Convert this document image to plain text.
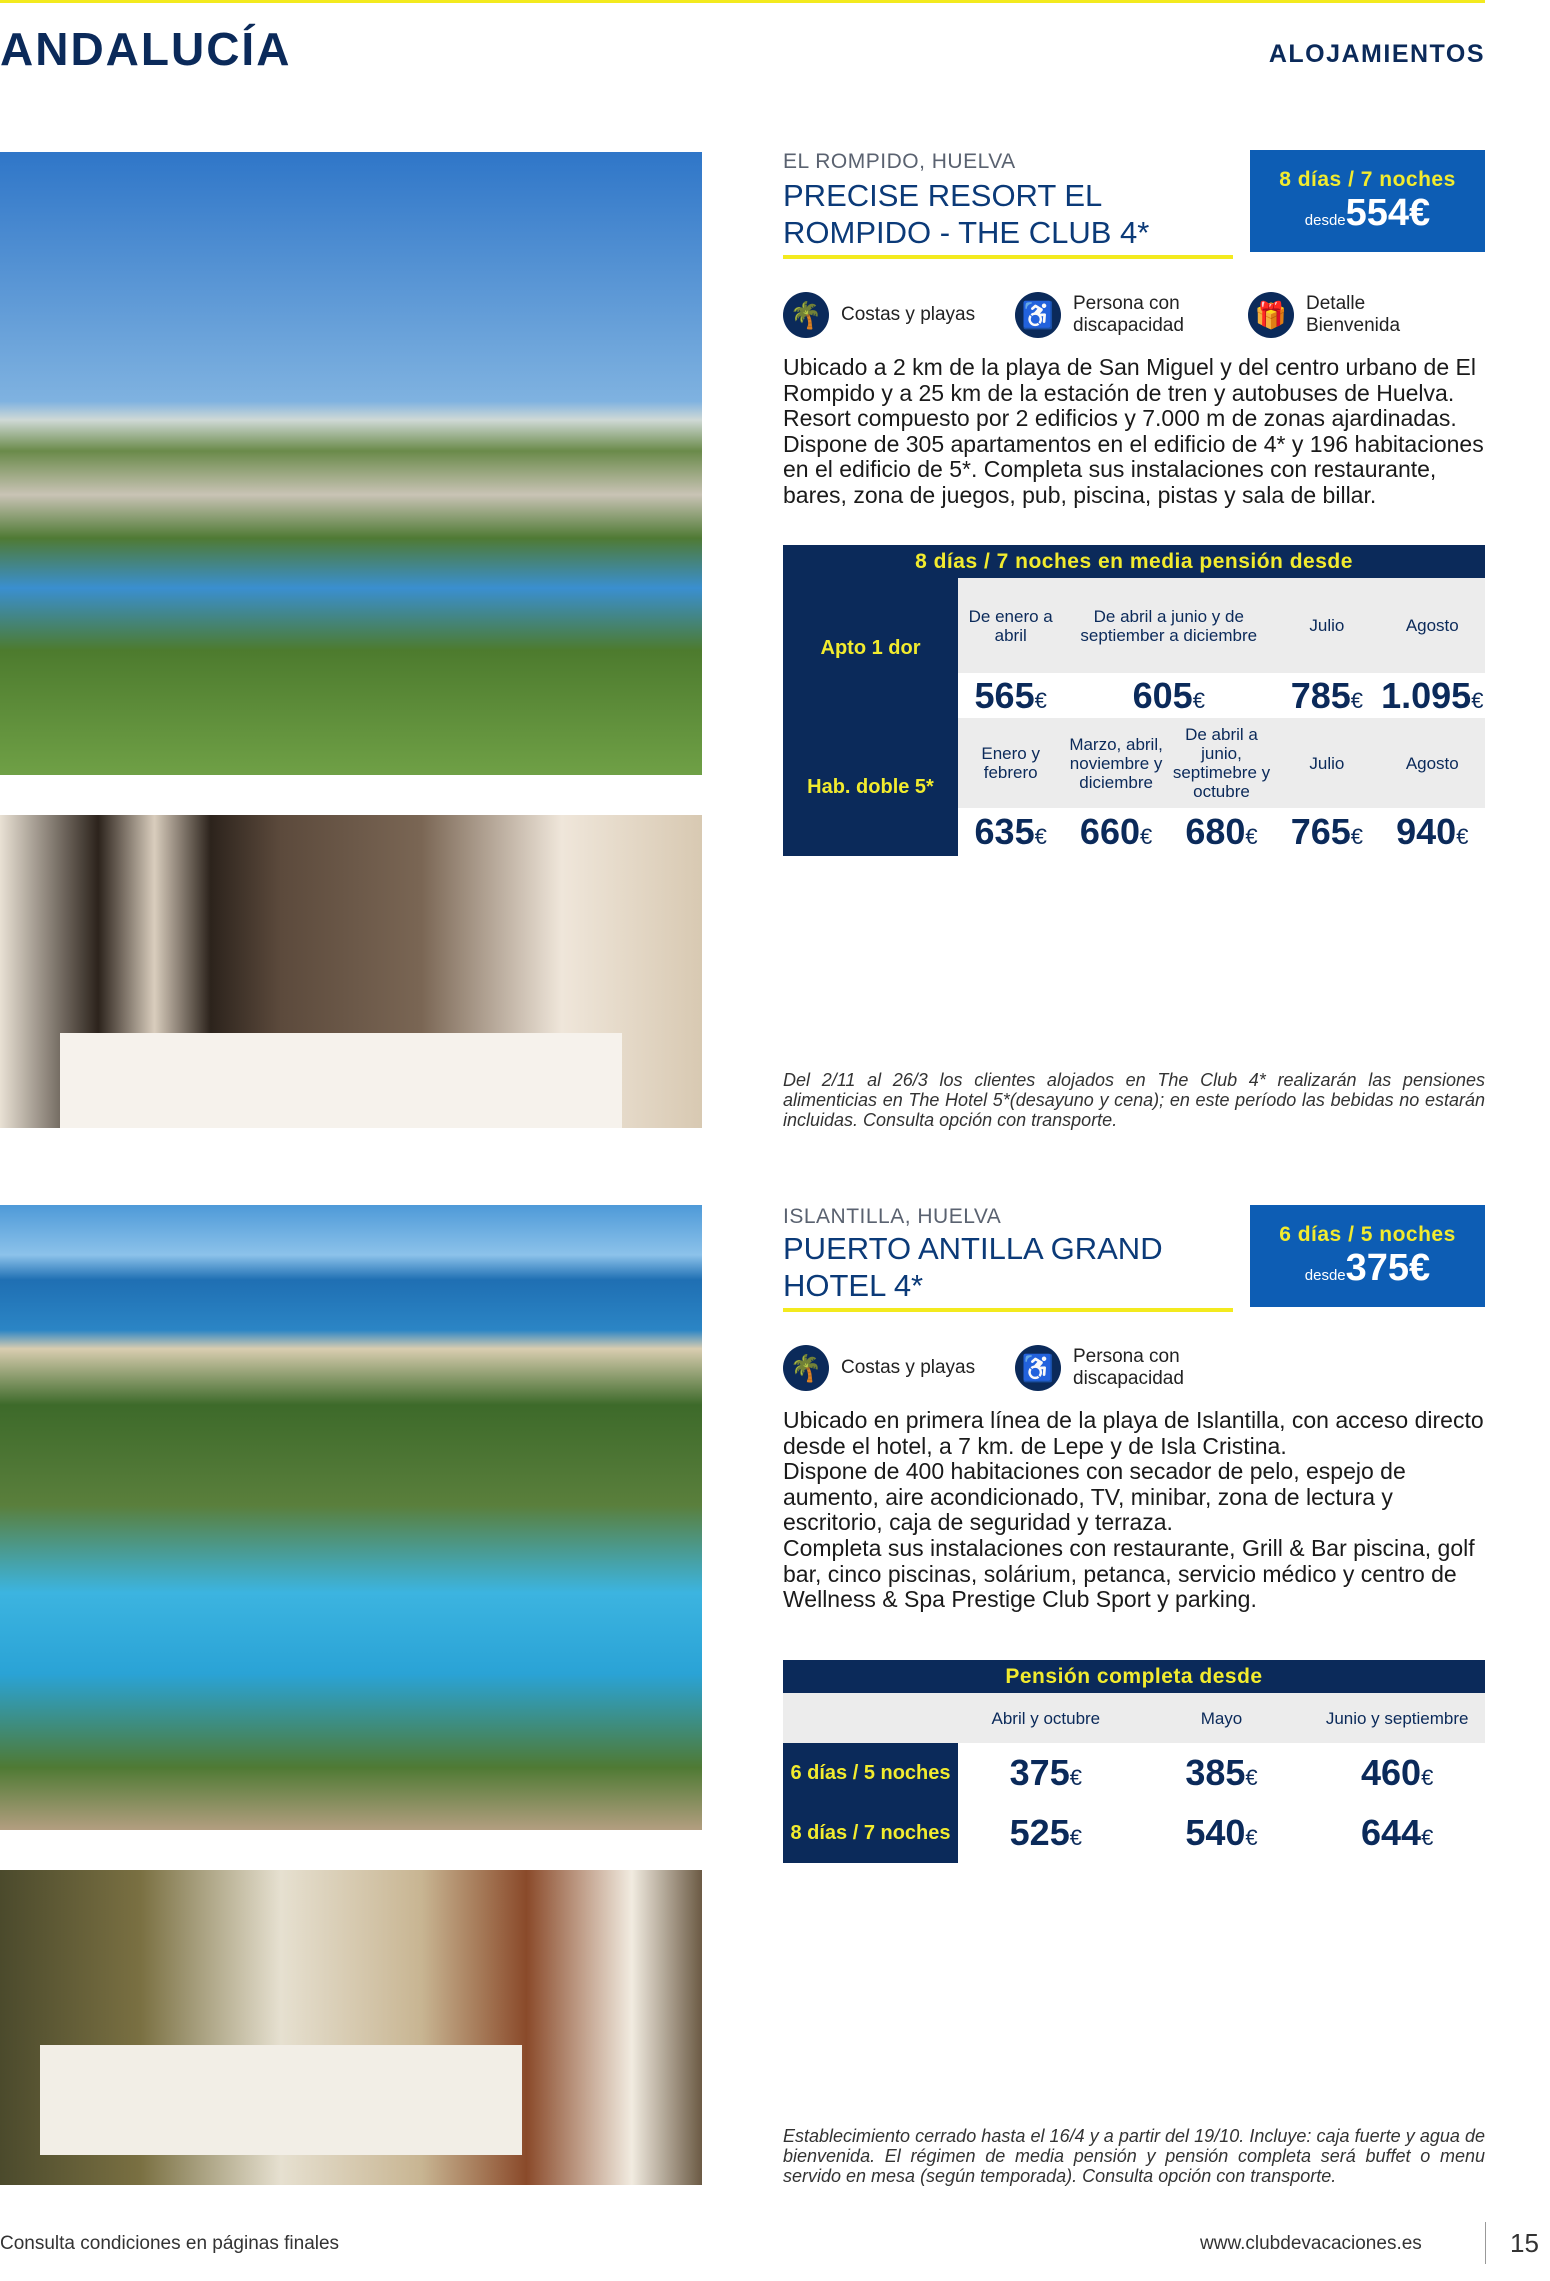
ANDALUCÍA	ALOJAMIENTOS
EL ROMPIDO, HUELVA
PRECISE RESORT EL ROMPIDO - THE CLUB 4*
8 días / 7 noches
desde554€
🌴 Costas y playas ♿ Persona con discapacidad	🎁 Detalle Bienvenida
Ubicado a 2 km de la playa de San Miguel y del centro urbano de El Rompido y a 25 km de la estación de tren y autobuses de Huelva. Resort compuesto por 2 edificios y 7.000 m de zonas ajardinadas. Dispone de 305 apartamentos en el edificio de 4* y 196 habitaciones en el edificio de 5*. Completa sus instalaciones con restaurante, bares, zona de juegos, pub, piscina, pistas y sala de billar.
8 días / 7 noches en media pensión desde					
Apto 1 dor	De enero a abril	De abril a junio y de septiember a diciembre		Julio	Agosto
	565€	605€		785€	1.095€
Hab. doble 5*	Enero y febrero	Marzo, abril, noviembre y diciembre	De abril a junio, septimebre y octubre	Julio	Agosto
	635€	660€	680€	765€	940€
Del 2/11 al 26/3 los clientes alojados en The Club 4* realizarán las pensiones alimenticias en The Hotel 5*(desayuno y cena); en este período las bebidas no estarán incluidas. Consulta opción con transporte.
ISLANTILLA, HUELVA
PUERTO ANTILLA GRAND HOTEL 4*
6 días / 5 noches
desde375€
🌴 Costas y playas ♿ Persona con discapacidad
Ubicado en primera línea de la playa de Islantilla, con acceso directo desde el hotel, a 7 km. de Lepe y de Isla Cristina.
Dispone de 400 habitaciones con secador de pelo, espejo de aumento, aire acondicionado, TV, minibar, zona de lectura y escritorio, caja de seguridad y terraza.
Completa sus instalaciones con restaurante, Grill & Bar piscina, golf bar, cinco piscinas, solárium, petanca, servicio médico y centro de Wellness & Spa Prestige Club Sport y parking.
Pensión completa desde			
	Abril y octubre	Mayo	Junio y septiembre
6 días / 5 noches	375€	385€	460€
8 días / 7 noches	525€	540€	644€
Establecimiento cerrado hasta el 16/4 y a partir del 19/10. Incluye: caja fuerte y agua de bienvenida. El régimen de media pensión y pensión completa será buffet o menu servido en mesa (según temporada). Consulta opción con transporte.
Consulta condiciones en páginas finales	www.clubdevacaciones.es	15
